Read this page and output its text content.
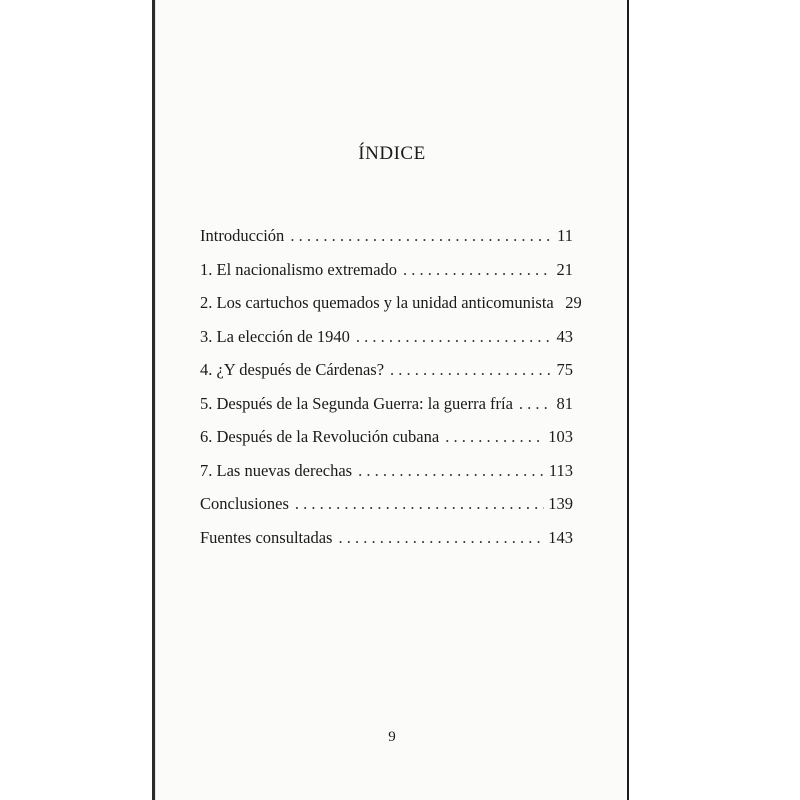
ÍNDICE
Introducción . . .	11
1. El nacionalismo extremado . . .	21
2. Los cartuchos quemados y la unidad anticomunista 29
3. La elección de 1940 . . .	43
4. ¿Y después de Cárdenas? . . .	75
5. Después de la Segunda Guerra: la guerra fría . . .	81
6. Después de la Revolución cubana . . .	103
7. Las nuevas derechas . . .	113
Conclusiones . . .	139
Fuentes consultadas . . .	143
9
